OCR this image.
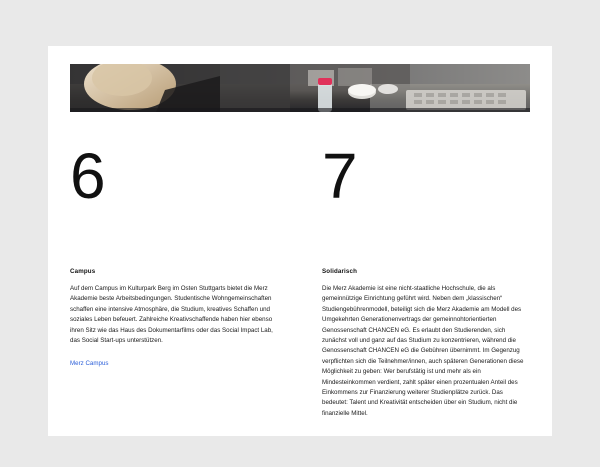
6
Campus

Auf dem Campus im Kulturpark Berg im Osten Stuttgarts bietet die Merz Akademie beste Arbeitsbedingungen. Studentische Wohngemeinschaften schaffen eine intensive Atmosphäre, die Studium, kreatives Schaffen und soziales Leben befeuert. Zahlreiche Kreativschaffende haben hier ebenso ihren Sitz wie das Haus des Dokumentarfilms oder das Social Impact Lab, das Social Start-ups unterstützen.

Merz Campus
7
Solidarisch

Die Merz Akademie ist eine nicht-staatliche Hochschule, die als gemeinnützige Einrichtung geführt wird. Neben dem „klassischen“ Studiengebührenmodell, beteiligt sich die Merz Akademie am Modell des Umgekehrten Generationenvertrags der gemeinnohtorientierten Genossenschaft CHANCEN eG. Es erlaubt den Studierenden, sich zunächst voll und ganz auf das Studium zu konzentrieren, während die Genossenschaft CHANCEN eG die Gebühren übernimmt. Im Gegenzug verpflichten sich die Teilnehmer/innen, auch späteren Generationen diese Möglichkeit zu geben: Wer berufstätig ist und mehr als ein Mindesteinkommen verdient, zahlt später einen prozentualen Anteil des Einkommens zur Finanzierung weiterer Studienplätze zurück. Das bedeutet: Talent und Kreativität entscheiden über ein Studium, nicht die finanzielle Mittel.
